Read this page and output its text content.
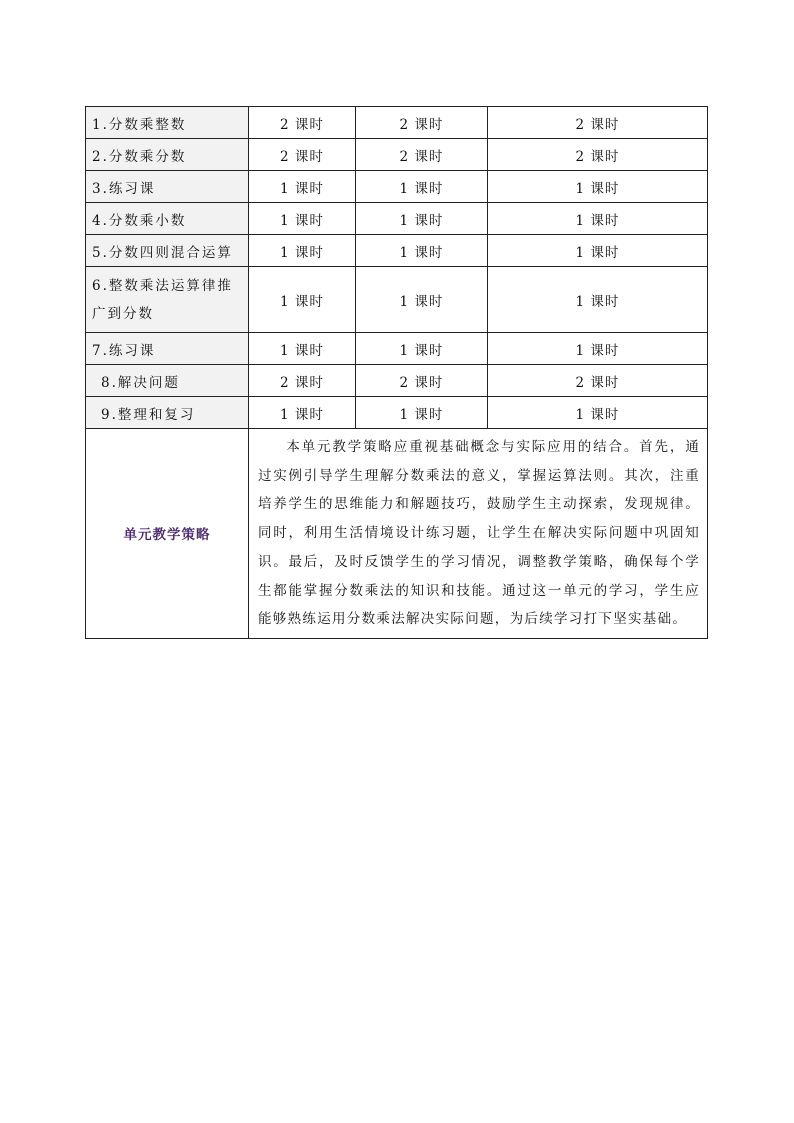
1.分数乘整数	2 课时	2 课时	2 课时
2.分数乘分数	2 课时	2 课时	2 课时
3.练习课	1 课时	1 课时	1 课时
4.分数乘小数	1 课时	1 课时	1 课时
5.分数四则混合运算	1 课时	1 课时	1 课时
6.整数乘法运算律推广到分数	1 课时	1 课时	1 课时
7.练习课	1 课时	1 课时	1 课时
8.解决问题	2 课时	2 课时	2 课时
9.整理和复习	1 课时	1 课时	1 课时
单元教学策略	本单元教学策略应重视基础概念与实际应用的结合。首先，通过实例引导学生理解分数乘法的意义，掌握运算法则。其次，注重培养学生的思维能力和解题技巧，鼓励学生主动探索，发现规律。同时，利用生活情境设计练习题，让学生在解决实际问题中巩固知识。最后，及时反馈学生的学习情况，调整教学策略，确保每个学生都能掌握分数乘法的知识和技能。通过这一单元的学习，学生应能够熟练运用分数乘法解决实际问题，为后续学习打下坚实基础。		
